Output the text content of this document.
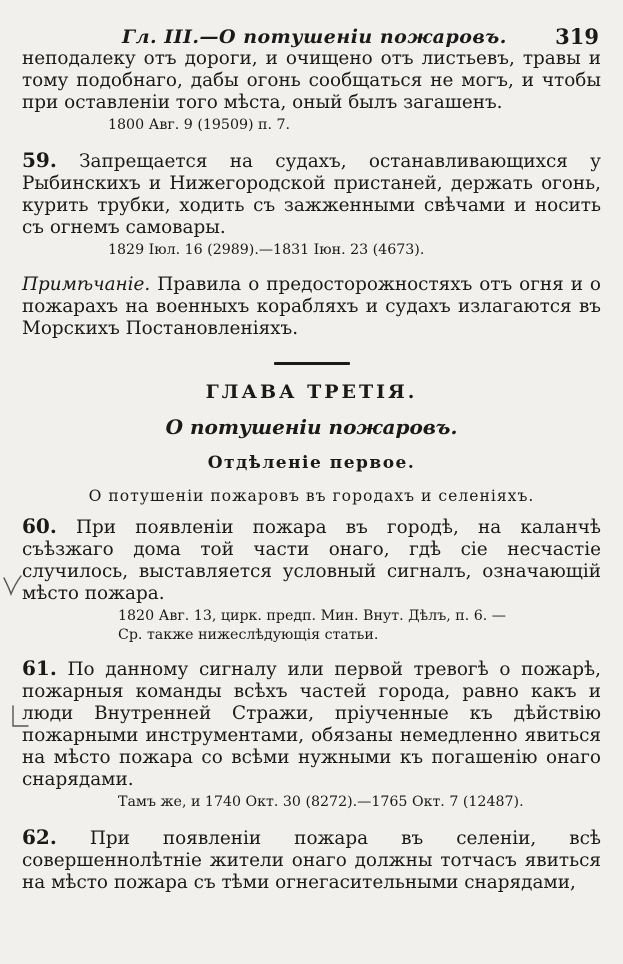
Гл. III.—О потушенiи пожаровъ. 319

неподалеку отъ дороги, и очищено отъ листьевъ, травы и тому подобнаго, дабы огонь сообщаться не могъ, и чтобы при оставленiи того мѣста, оный былъ загашенъ.

1800 Авг. 9 (19509) п. 7.

59. Запрещается на судахъ, останавливающихся у Рыбинскихъ и Нижегородской пристаней, держать огонь, курить трубки, ходить съ зажженными свѣчами и носить съ огнемъ самовары.

1829 Iюл. 16 (2989).—1831 Iюн. 23 (4673).

Примѣчанiе. Правила о предосторожностяхъ отъ огня и о пожарахъ на военныхъ корабляхъ и судахъ излагаются въ Морскихъ Постановленiяхъ.

ГЛАВА ТРЕТIЯ.
О потушенiи пожаровъ.
Отдѣленiе первое.
О потушенiи пожаровъ въ городахъ и селенiяхъ.

60. При появленiи пожара въ городѣ, на каланчѣ съѣзжаго дома той части онаго, гдѣ сiе несчастiе случилось, выставляется условный сигналъ, означающiй мѣсто пожара.

1820 Авг. 13, цирк. предп. Мин. Внут. Дѣлъ, п. 6. —

Ср. также нижеслѣдующiя статьи.

61. По данному сигналу или первой тревогѣ о пожарѣ, пожарныя команды всѣхъ частей города, равно какъ и люди Внутренней Стражи, прiученные къ дѣйствiю пожарными инструментами, обязаны немедленно явиться на мѣсто пожара со всѣми нужными къ погашенiю онаго снарядами.

Тамъ же, и 1740 Окт. 30 (8272).—1765 Окт. 7 (12487).

62. При появленiи пожара въ селенiи, всѣ совершеннолѣтнiе жители онаго должны тотчасъ явиться на мѣсто пожара съ тѣми огнегасительными снарядами,
